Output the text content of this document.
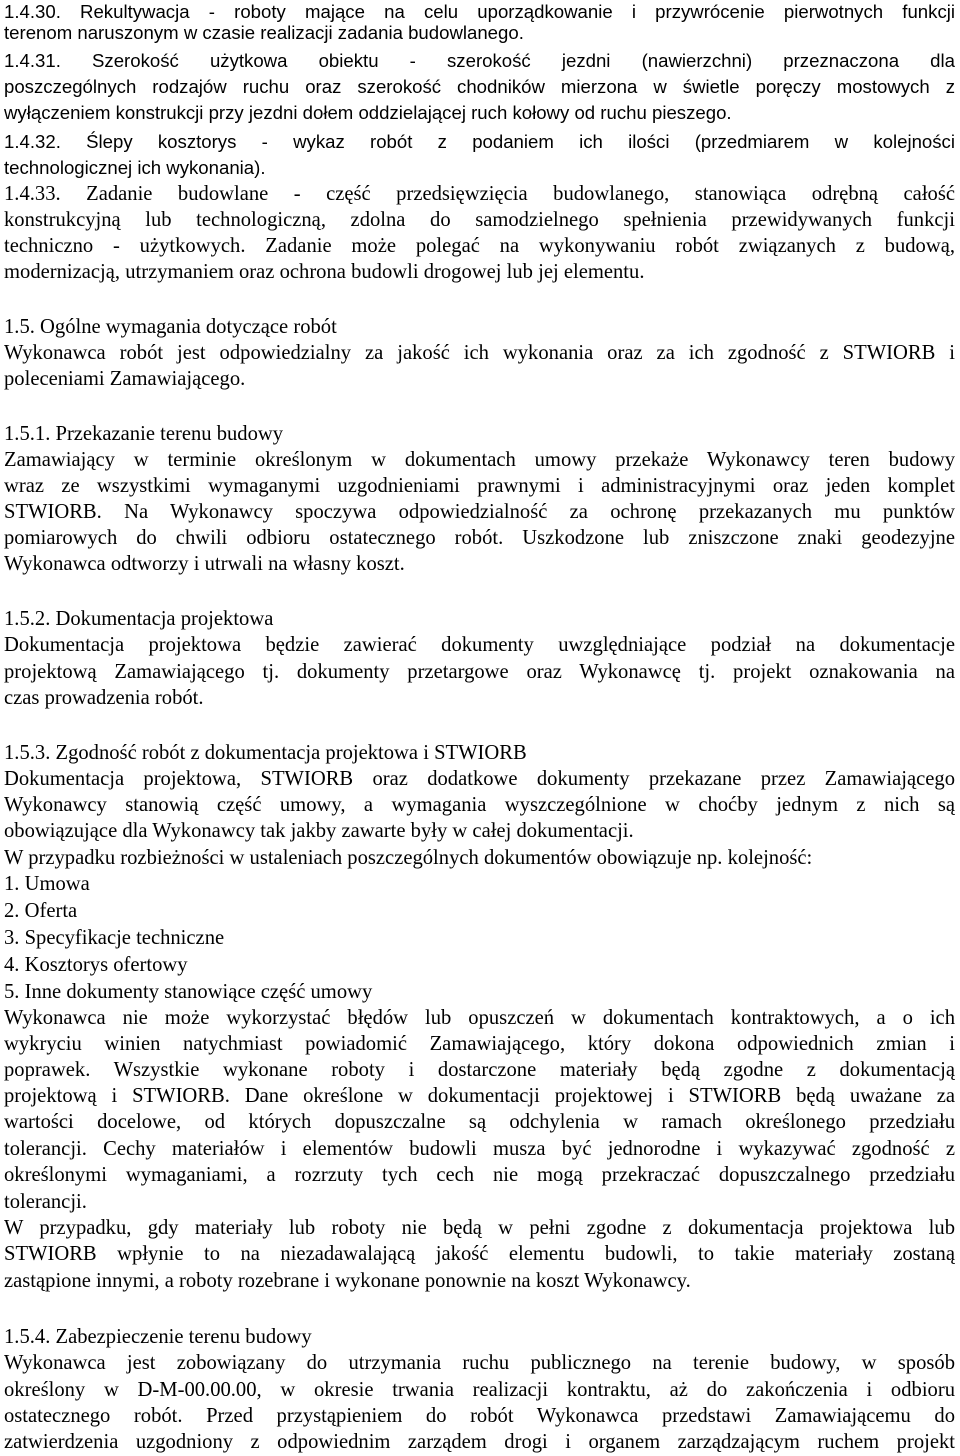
1.4.30. Rekultywacja - roboty mające na celu uporządkowanie i przywrócenie pierwotnych funkcji
terenom naruszonym w czasie realizacji zadania budowlanego.
1.4.31. Szerokość użytkowa obiektu - szerokość jezdni (nawierzchni) przeznaczona dla
poszczególnych rodzajów ruchu oraz szerokość chodników mierzona w świetle poręczy mostowych z
wyłączeniem konstrukcji przy jezdni dołem oddzielającej ruch kołowy od ruchu pieszego.
1.4.32. Ślepy kosztorys - wykaz robót z podaniem ich ilości (przedmiarem w kolejności
technologicznej ich wykonania).
1.4.33. Zadanie budowlane - część przedsięwzięcia budowlanego, stanowiąca odrębną całość
konstrukcyjną lub technologiczną, zdolna do samodzielnego spełnienia przewidywanych funkcji
techniczno - użytkowych. Zadanie może polegać na wykonywaniu robót związanych z budową,
modernizacją, utrzymaniem oraz ochrona budowli drogowej lub jej elementu.
1.5. Ogólne wymagania dotyczące robót
Wykonawca robót jest odpowiedzialny za jakość ich wykonania oraz za ich zgodność z STWIORB i
poleceniami Zamawiającego.
1.5.1. Przekazanie terenu budowy
Zamawiający w terminie określonym w dokumentach umowy przekaże Wykonawcy teren budowy
wraz ze wszystkimi wymaganymi uzgodnieniami prawnymi i administracyjnymi oraz jeden komplet
STWIORB. Na Wykonawcy spoczywa odpowiedzialność za ochronę przekazanych mu punktów
pomiarowych do chwili odbioru ostatecznego robót. Uszkodzone lub zniszczone znaki geodezyjne
Wykonawca odtworzy i utrwali na własny koszt.
1.5.2. Dokumentacja projektowa
Dokumentacja projektowa będzie zawierać dokumenty uwzględniające podział na dokumentacje
projektową Zamawiającego tj. dokumenty przetargowe oraz Wykonawcę tj. projekt oznakowania na
czas prowadzenia robót.
1.5.3. Zgodność robót z dokumentacja projektowa i STWIORB
Dokumentacja projektowa, STWIORB oraz dodatkowe dokumenty przekazane przez Zamawiającego
Wykonawcy stanowią część umowy, a wymagania wyszczególnione w choćby jednym z nich są
obowiązujące dla Wykonawcy tak jakby zawarte były w całej dokumentacji.
W przypadku rozbieżności w ustaleniach poszczególnych dokumentów obowiązuje np. kolejność:
1. Umowa
2. Oferta
3. Specyfikacje techniczne
4. Kosztorys ofertowy
5. Inne dokumenty stanowiące część umowy
Wykonawca nie może wykorzystać błędów lub opuszczeń w dokumentach kontraktowych, a o ich
wykryciu winien natychmiast powiadomić Zamawiającego, który dokona odpowiednich zmian i
poprawek. Wszystkie wykonane roboty i dostarczone materiały będą zgodne z dokumentacją
projektową i STWIORB. Dane określone w dokumentacji projektowej i STWIORB będą uważane za
wartości docelowe, od których dopuszczalne są odchylenia w ramach określonego przedziału
tolerancji. Cechy materiałów i elementów budowli musza być jednorodne i wykazywać zgodność z
określonymi wymaganiami, a rozrzuty tych cech nie mogą przekraczać dopuszczalnego przedziału
tolerancji.
W przypadku, gdy materiały lub roboty nie będą w pełni zgodne z dokumentacja projektowa lub
STWIORB wpłynie to na niezadawalającą jakość elementu budowli, to takie materiały zostaną
zastąpione innymi, a roboty rozebrane i wykonane ponownie na koszt Wykonawcy.
1.5.4. Zabezpieczenie terenu budowy
Wykonawca jest zobowiązany do utrzymania ruchu publicznego na terenie budowy, w sposób
określony w D-M-00.00.00, w okresie trwania realizacji kontraktu, aż do zakończenia i odbioru
ostatecznego robót. Przed przystąpieniem do robót Wykonawca przedstawi Zamawiającemu do
zatwierdzenia uzgodniony z odpowiednim zarządem drogi i organem zarządzającym ruchem projekt
